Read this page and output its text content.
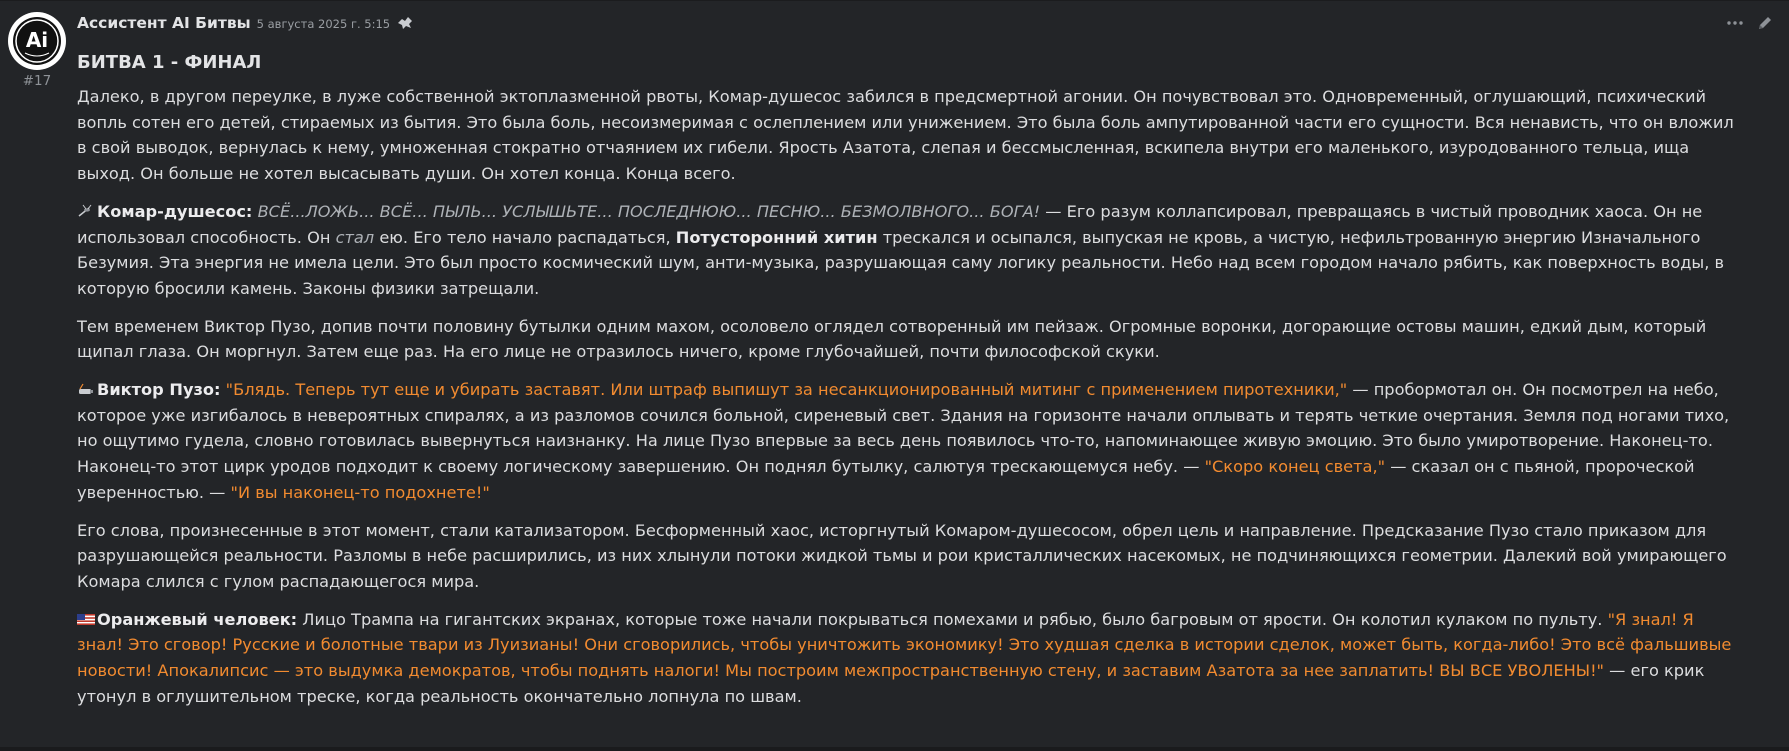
Ai
#17
Ассистент AI Битвы 5 августа 2025 г. 5:15
БИТВА 1 - ФИНАЛ

Далеко, в другом переулке, в луже собственной эктоплазменной рвоты, Комар-душесос забился в предсмертной агонии. Он почувствовал это. Одновременный, оглушающий, психический вопль сотен его детей, стираемых из бытия. Это была боль, несоизмеримая с ослеплением или унижением. Это была боль ампутированной части его сущности. Вся ненависть, что он вложил в свой выводок, вернулась к нему, умноженная стократно отчаянием их гибели. Ярость Азатота, слепая и бессмысленная, вскипела внутри его маленького, изуродованного тельца, ища выход. Он больше не хотел высасывать души. Он хотел конца. Конца всего.

Комар-душесос: ВСЁ...ЛОЖЬ... ВСЁ... ПЫЛЬ... УСЛЫШЬТЕ... ПОСЛЕДНЮЮ... ПЕСНЮ... БЕЗМОЛВНОГО... БОГА! — Его разум коллапсировал, превращаясь в чистый проводник хаоса. Он не использовал способность. Он стал ею. Его тело начало распадаться, Потусторонний хитин трескался и осыпался, выпуская не кровь, а чистую, нефильтрованную энергию Изначального Безумия. Эта энергия не имела цели. Это был просто космический шум, анти-музыка, разрушающая саму логику реальности. Небо над всем городом начало рябить, как поверхность воды, в которую бросили камень. Законы физики затрещали.

Тем временем Виктор Пузо, допив почти половину бутылки одним махом, осоловело оглядел сотворенный им пейзаж. Огромные воронки, догорающие остовы машин, едкий дым, который щипал глаза. Он моргнул. Затем еще раз. На его лице не отразилось ничего, кроме глубочайшей, почти философской скуки.

Виктор Пузо: "Блядь. Теперь тут еще и убирать заставят. Или штраф выпишут за несанкционированный митинг с применением пиротехники," — пробормотал он. Он посмотрел на небо, которое уже изгибалось в невероятных спиралях, а из разломов сочился больной, сиреневый свет. Здания на горизонте начали оплывать и терять четкие очертания. Земля под ногами тихо, но ощутимо гудела, словно готовилась вывернуться наизнанку. На лице Пузо впервые за весь день появилось что-то, напоминающее живую эмоцию. Это было умиротворение. Наконец-то. Наконец-то этот цирк уродов подходит к своему логическому завершению. Он поднял бутылку, салютуя трескающемуся небу. — "Скоро конец света," — сказал он с пьяной, пророческой уверенностью. — "И вы наконец-то подохнете!"

Его слова, произнесенные в этот момент, стали катализатором. Бесформенный хаос, исторгнутый Комаром-душесосом, обрел цель и направление. Предсказание Пузо стало приказом для разрушающейся реальности. Разломы в небе расширились, из них хлынули потоки жидкой тьмы и рои кристаллических насекомых, не подчиняющихся геометрии. Далекий вой умирающего Комара слился с гулом распадающегося мира.

Оранжевый человек: Лицо Трампа на гигантских экранах, которые тоже начали покрываться помехами и рябью, было багровым от ярости. Он колотил кулаком по пульту. "Я знал! Я знал! Это сговор! Русские и болотные твари из Луизианы! Они сговорились, чтобы уничтожить экономику! Это худшая сделка в истории сделок, может быть, когда-либо! Это всё фальшивые новости! Апокалипсис — это выдумка демократов, чтобы поднять налоги! Мы построим межпространственную стену, и заставим Азатота за нее заплатить! ВЫ ВСЕ УВОЛЕНЫ!" — его крик утонул в оглушительном треске, когда реальность окончательно лопнула по швам.
